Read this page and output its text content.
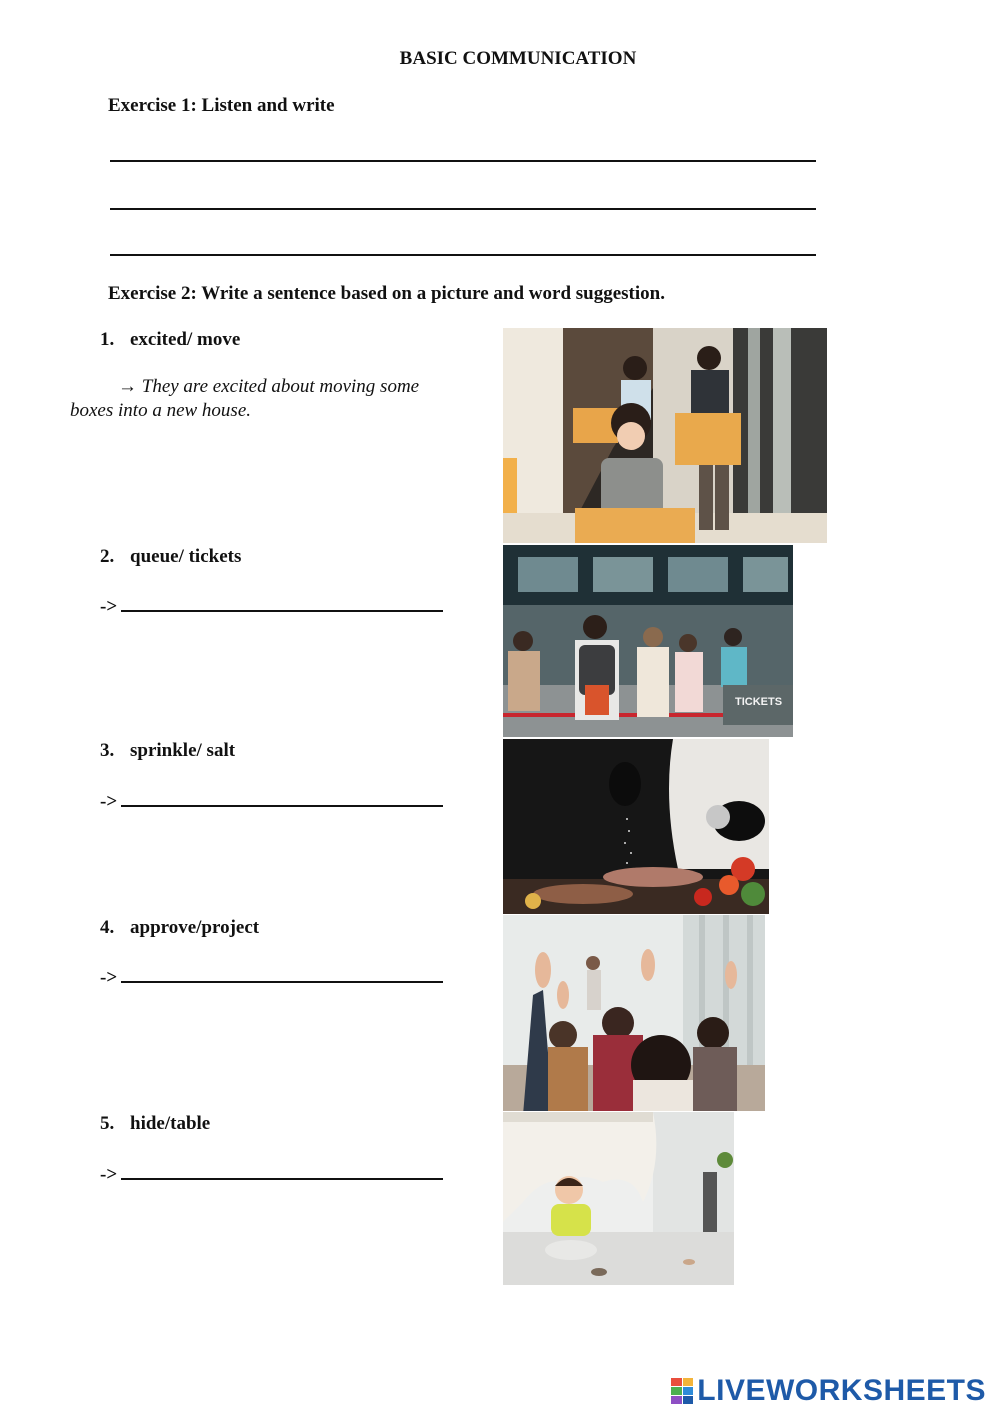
BASIC COMMUNICATION
Exercise 1: Listen and write
Exercise 2: Write a sentence based on a picture and word suggestion.
1. excited/ move
→ They are excited about moving some
boxes into a new house.
2. queue/ tickets
->
TICKETS
3. sprinkle/ salt
->
4. approve/project
->
5. hide/table
->
LIVEWORKSHEETS
